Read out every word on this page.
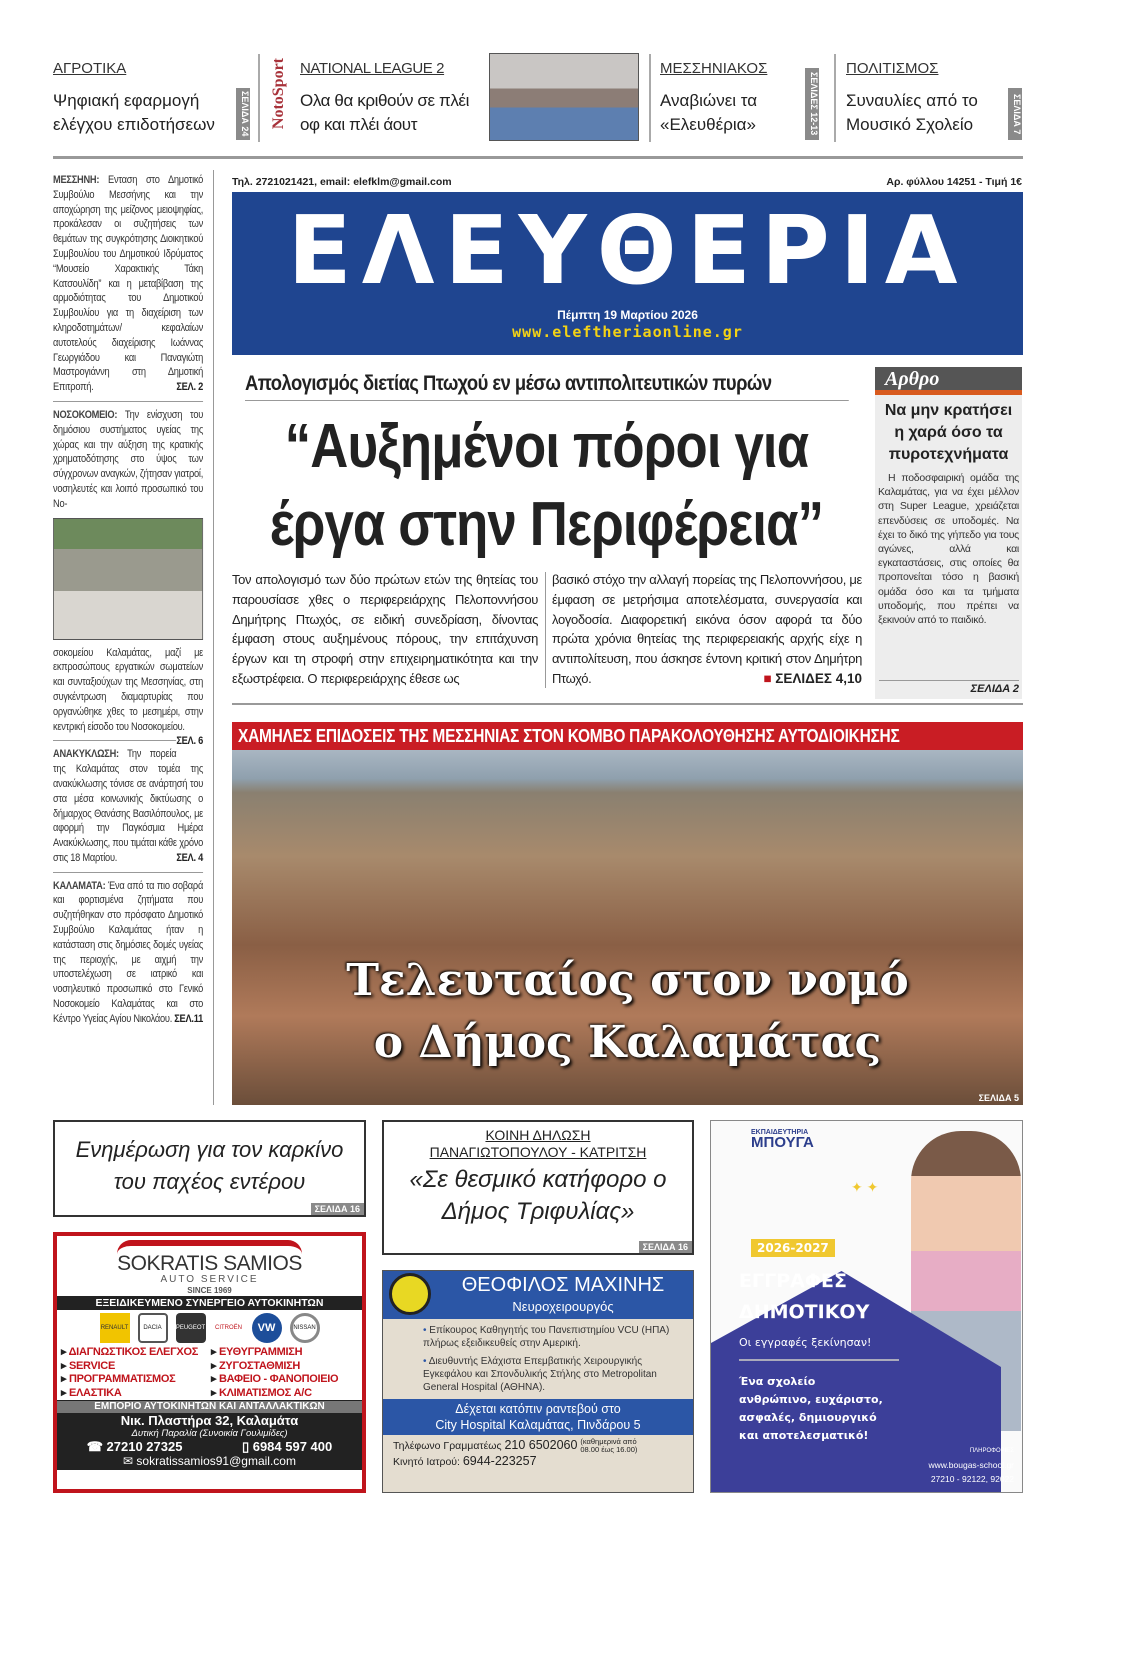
ΑΓΡΟΤΙΚΑ
Ψηφιακή εφαρμογή ελέγχου επιδοτήσεων	ΣΕΛΙΔΑ 24 NotoSport NATIONAL LEAGUE 2
Ολα θα κριθούν σε πλέι οφ και πλέι άουτ
ΜΕΣΣΗΝΙΑΚΟΣ
Αναβιώνει τα «Ελευθέρια»	ΣΕΛΙΔΕΣ 12-13
ΠΟΛΙΤΙΣΜΟΣ
Συναυλίες από το Μουσικό Σχολείο	ΣΕΛΙΔΑ 7

ΜΕΣΣΗΝΗ: Ενταση στο Δημοτικό Συμβούλιο Μεσσήνης και την αποχώρηση της μείζονος μειοψηφίας, προκάλεσαν οι συζητήσεις των θεμάτων της συγκρότησης Διοικητικού Συμβουλίου του Δημοτικού Ιδρύματος “Μουσείο Χαρακτικής Τάκη Κατσουλίδη” και η μεταβίβαση της αρμοδιότητας του Δημοτικού Συμβουλίου για τη διαχείριση των κληροδοτημάτων/ κεφαλαίων αυτοτελούς διαχείρισης Ιωάννας Γεωργιάδου και Παναγιώτη Μαστρογιάννη στη Δημοτική Επιτροπή.	ΣΕΛ. 2

ΝΟΣΟΚΟΜΕΙΟ: Την ενίσχυση του δημόσιου συστήματος υγείας της χώρας και την αύξηση της κρατικής χρηματοδότησης στο ύψος των σύγχρονων αναγκών, ζήτησαν γιατροί, νοσηλευτές και λοιπό προσωπικό του Νο-

σοκομείου Καλαμάτας, μαζί με εκπροσώπους εργατικών σωματείων και συνταξιούχων της Μεσσηνίας, στη συγκέντρωση διαμαρτυρίας που οργανώθηκε χθες το μεσημέρι, στην κεντρική είσοδο του Νοσοκομείου.
ΣΕΛ. 6

ΑΝΑΚΥΚΛΩΣΗ: Την πορεία της Καλαμάτας στον τομέα της ανακύκλωσης τόνισε σε ανάρτησή του στα μέσα κοινωνικής δικτύωσης ο δήμαρχος Θανάσης Βασιλόπουλος, με αφορμή την Παγκόσμια Ημέρα Ανακύκλωσης, που τιμάται κάθε χρόνο στις 18 Μαρτίου.	ΣΕΛ. 4

ΚΑΛΑΜΑΤΑ: Ένα από τα πιο σοβαρά και φορτισμένα ζητήματα που συζητήθηκαν στο πρόσφατο Δημοτικό Συμβούλιο Καλαμάτας ήταν η κατάσταση στις δημόσιες δομές υγείας της περιοχής, με αιχμή την υποστελέχωση σε ιατρικό και νοσηλευτικό προσωπικό στο Γενικό Νοσοκομείο Καλαμάτας και στο Κέντρο Υγείας Αγίου Νικολάου. ΣΕΛ.11

Τηλ. 2721021421, email: elefklm@gmail.com	Αρ. φύλλου 14251 - Τιμή 1€
ΕΛΕΥΘΕΡΙΑ
Πέμπτη 19 Μαρτίου 2026
www.eleftheriaonline.gr
Απολογισμός διετίας Πτωχού εν μέσω αντιπολιτευτικών πυρών
“Αυξημένοι πόροι για έργα στην Περιφέρεια”
Τον απολογισμό των δύο πρώτων ετών της θητείας του παρουσίασε χθες ο περιφερειάρχης Πελοποννήσου Δημήτρης Πτωχός, σε ειδική συνεδρίαση, δίνοντας έμφαση στους αυξημένους πόρους, την επιτάχυνση έργων και τη στροφή στην επιχειρηματικότητα και την εξωστρέφεια. Ο περιφερειάρχης έθεσε ως
βασικό στόχο την αλλαγή πορείας της Πελοποννήσου, με έμφαση σε μετρήσιμα αποτελέσματα, συνεργασία και λογοδοσία. Διαφορετική εικόνα όσον αφορά τα δύο πρώτα χρόνια θητείας της περιφερειακής αρχής είχε η αντιπολίτευση, που άσκησε έντονη κριτική στον Δημήτρη Πτωχό.	■ ΣΕΛΙΔΕΣ 4,10
Αρθρο
Να μην κρατήσει η χαρά όσο τα πυροτεχνήματα
Η ποδοσφαιρική ομάδα της Καλαμάτας, για να έχει μέλλον στη Super League, χρειάζεται επενδύσεις σε υποδομές. Να έχει το δικό της γήπεδο για τους αγώνες, αλλά και εγκαταστάσεις, στις οποίες θα προπονείται τόσο η βασική ομάδα όσο και τα τμήματα υποδομής, που πρέπει να ξεκινούν από το παιδικό.
ΣΕΛΙΔΑ 2
ΧΑΜΗΛΕΣ ΕΠΙΔΟΣΕΙΣ ΤΗΣ ΜΕΣΣΗΝΙΑΣ ΣΤΟΝ ΚΟΜΒΟ ΠΑΡΑΚΟΛΟΥΘΗΣΗΣ ΑΥΤΟΔΙΟΙΚΗΣΗΣ
Τελευταίος στον νομό
ο Δήμος Καλαμάτας
ΣΕΛΙΔΑ 5
Ενημέρωση για τον καρκίνο του παχέος εντέρου
ΣΕΛΙΔΑ 16
ΚΟΙΝΗ ΔΗΛΩΣΗ
ΠΑΝΑΓΙΩΤΟΠΟΥΛΟΥ - ΚΑΤΡΙΤΣΗ
«Σε θεσμικό κατήφορο ο Δήμος Τριφυλίας»
ΣΕΛΙΔΑ 16
SOKRATIS SAMIOS
AUTO SERVICE
SINCE 1969
ΕΞΕΙΔΙΚΕΥΜΕΝΟ ΣΥΝΕΡΓΕΙΟ ΑΥΤΟΚΙΝΗΤΩΝ
RENAULT	DACIA	PEUGEOT CITROËN	VW	NISSAN
▸ ΔΙΑΓΝΩΣΤΙΚΟΣ ΕΛΕΓΧΟΣ
▸ SERVICE
▸ ΠΡΟΓΡΑΜΜΑΤΙΣΜΟΣ
▸ ΕΛΑΣΤΙΚΑ
▸ ΕΥΘΥΓΡΑΜΜΙΣΗ
▸ ΖΥΓΟΣΤΑΘΜΙΣΗ
▸ ΒΑΦΕΙΟ - ΦΑΝΟΠΟΙΕΙΟ
▸ ΚΛΙΜΑΤΙΣΜΟΣ A/C
ΕΜΠΟΡΙΟ ΑΥΤΟΚΙΝΗΤΩΝ ΚΑΙ ΑΝΤΑΛΛΑΚΤΙΚΩΝ
Νικ. Πλαστήρα 32, Καλαμάτα
Δυτική Παραλία (Συνοικία Γουλιμίδες)
☎ 27210 27325	▯ 6984 597 400
✉ sokratissamios91@gmail.com
ΘΕΟΦΙΛΟΣ ΜΑΧΙΝΗΣ
Νευροχειρουργός
• Επίκουρος Καθηγητής του Πανεπιστημίου VCU (ΗΠΑ) πλήρως εξειδικευθείς στην Αμερική.
• Διευθυντής Ελάχιστα Επεμβατικής Χειρουργικής Εγκεφάλου και Σπονδυλικής Στήλης στο Metropolitan General Hospital (ΑΘΗΝΑ).
Δέχεται κατόπιν ραντεβού στο
City Hospital Καλαμάτας, Πινδάρου 5
Τηλέφωνο Γραμματέως 210 6502060 (καθημερινά από 08.00 έως 16.00)
Κινητό Ιατρού: 6944-223257
ΕΚΠΑΙΔΕΥΤΗΡΙΑ
ΜΠΟΥΓΑ
✦ ✦
2026-2027
ΕΓΓΡΑΦΕΣ
ΔΗΜΟΤΙΚΟΥ
Οι εγγραφές ξεκίνησαν!
Ένα σχολείο ανθρώπινο, ευχάριστο, ασφαλές, δημιουργικό και αποτελεσματικό!
ΠΛΗΡΟΦΟΡΙΕΣ
www.bougas-school.gr
27210 - 92122, 92022
